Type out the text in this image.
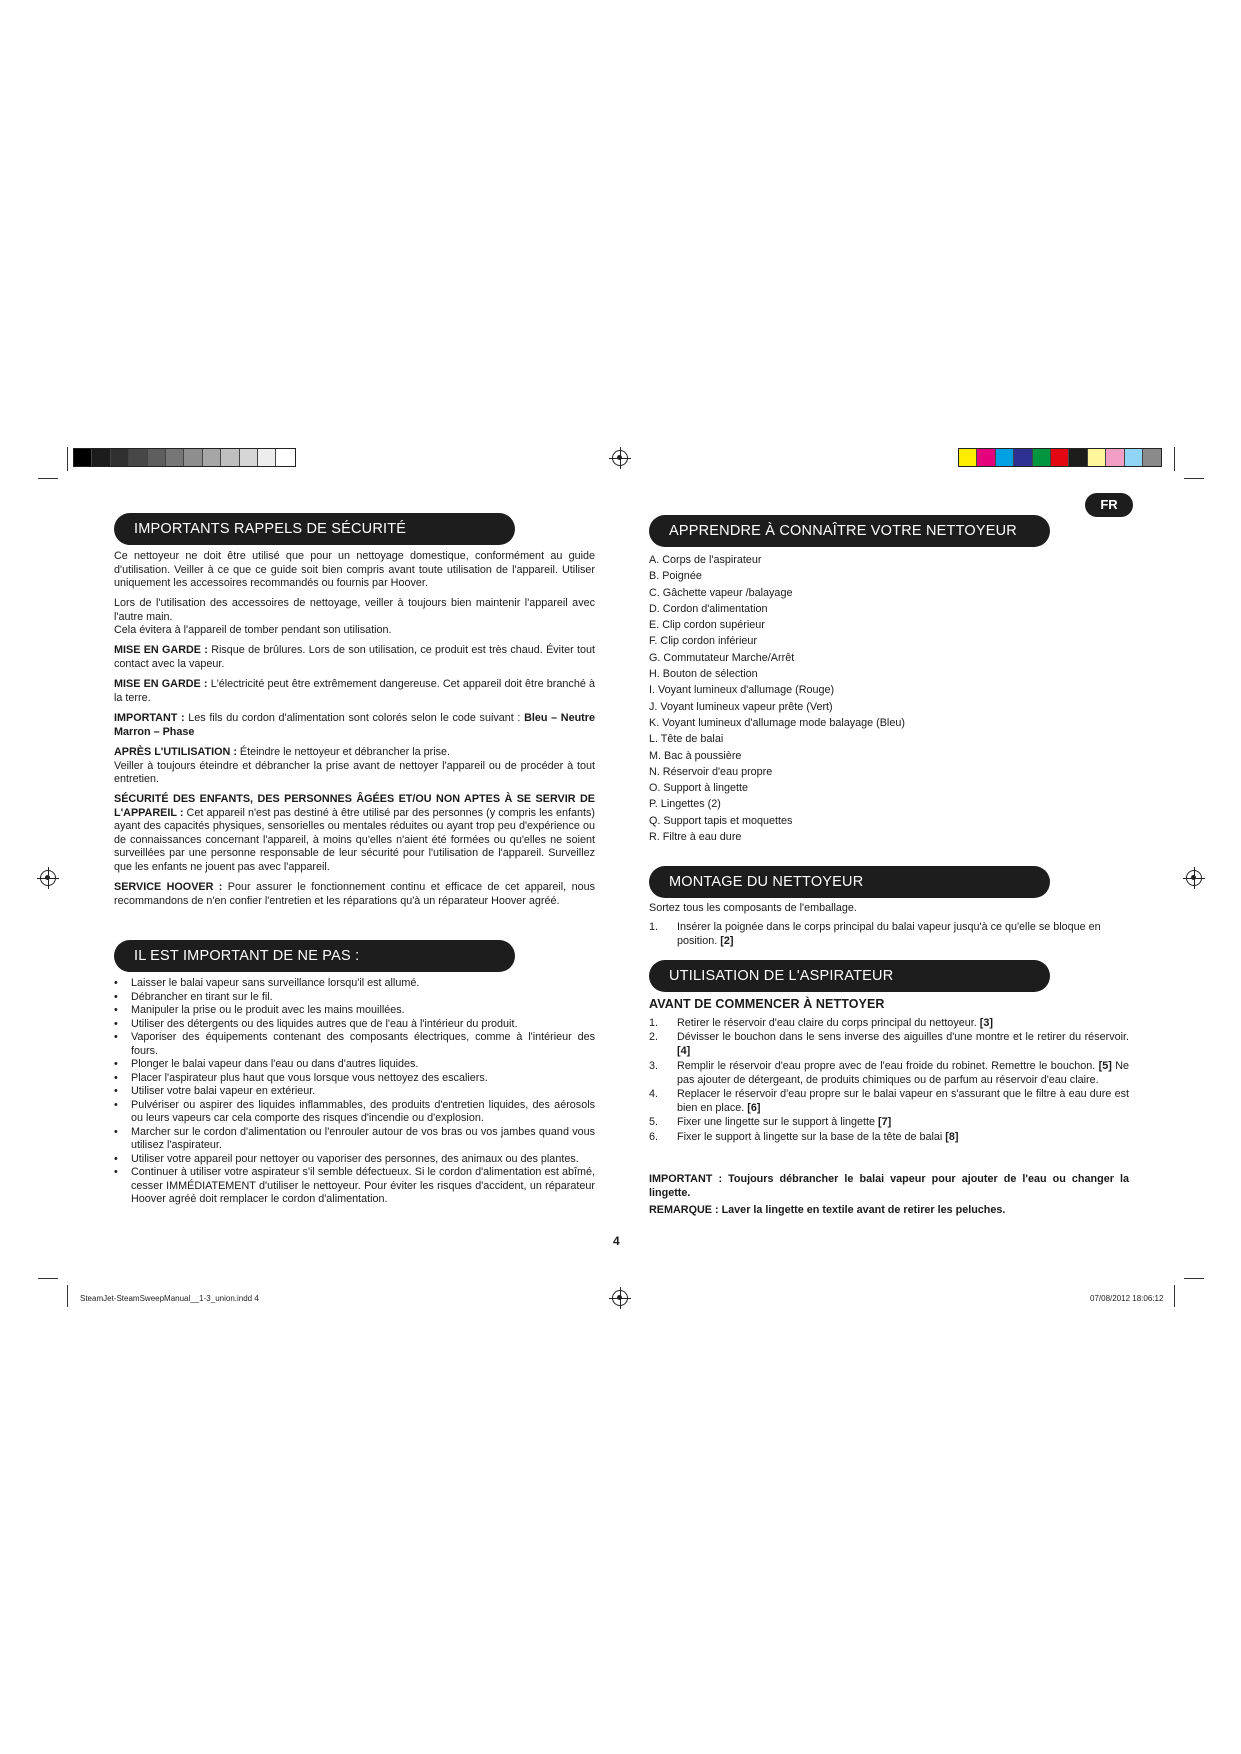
FR
IMPORTANTS RAPPELS DE SÉCURITÉ

Ce nettoyeur ne doit être utilisé que pour un nettoyage domestique, conformément au guide d'utilisation. Veiller à ce que ce guide soit bien compris avant toute utilisation de l'appareil. Utiliser uniquement les accessoires recommandés ou fournis par Hoover.

Lors de l'utilisation des accessoires de nettoyage, veiller à toujours bien maintenir l'appareil avec l'autre main.
Cela évitera à l'appareil de tomber pendant son utilisation.

MISE EN GARDE : Risque de brûlures. Lors de son utilisation, ce produit est très chaud. Éviter tout contact avec la vapeur.

MISE EN GARDE : L'électricité peut être extrêmement dangereuse. Cet appareil doit être branché à la terre.

IMPORTANT : Les fils du cordon d'alimentation sont colorés selon le code suivant : Bleu – Neutre Marron – Phase

APRÈS L'UTILISATION : Éteindre le nettoyeur et débrancher la prise.
Veiller à toujours éteindre et débrancher la prise avant de nettoyer l'appareil ou de procéder à tout entretien.

SÉCURITÉ DES ENFANTS, DES PERSONNES ÂGÉES ET/OU NON APTES À SE SERVIR DE L'APPAREIL : Cet appareil n'est pas destiné à être utilisé par des personnes (y compris les enfants) ayant des capacités physiques, sensorielles ou mentales réduites ou ayant trop peu d'expérience ou de connaissances concernant l'appareil, à moins qu'elles n'aient été formées ou qu'elles ne soient surveillées par une personne responsable de leur sécurité pour l'utilisation de l'appareil. Surveillez que les enfants ne jouent pas avec l'appareil.

SERVICE HOOVER : Pour assurer le fonctionnement continu et efficace de cet appareil, nous recommandons de n'en confier l'entretien et les réparations qu'à un réparateur Hoover agréé.

IL EST IMPORTANT DE NE PAS :
• Laisser le balai vapeur sans surveillance lorsqu'il est allumé.
• Débrancher en tirant sur le fil.
• Manipuler la prise ou le produit avec les mains mouillées.
• Utiliser des détergents ou des liquides autres que de l'eau à l'intérieur du produit.
• Vaporiser des équipements contenant des composants électriques, comme à l'intérieur des fours.
• Plonger le balai vapeur dans l'eau ou dans d'autres liquides.
• Placer l'aspirateur plus haut que vous lorsque vous nettoyez des escaliers.
• Utiliser votre balai vapeur en extérieur.
• Pulvériser ou aspirer des liquides inflammables, des produits d'entretien liquides, des aérosols ou leurs vapeurs car cela comporte des risques d'incendie ou d'explosion.
• Marcher sur le cordon d'alimentation ou l'enrouler autour de vos bras ou vos jambes quand vous utilisez l'aspirateur.
• Utiliser votre appareil pour nettoyer ou vaporiser des personnes, des animaux ou des plantes.
• Continuer à utiliser votre aspirateur s'il semble défectueux. Si le cordon d'alimentation est abîmé, cesser IMMÉDIATEMENT d'utiliser le nettoyeur. Pour éviter les risques d'accident, un réparateur Hoover agréé doit remplacer le cordon d'alimentation.
APPRENDRE À CONNAÎTRE VOTRE NETTOYEUR
A. Corps de l'aspirateur
B. Poignée
C. Gâchette vapeur /balayage
D. Cordon d'alimentation
E. Clip cordon supérieur
F. Clip cordon inférieur
G. Commutateur Marche/Arrêt
H. Bouton de sélection
I. Voyant lumineux d'allumage (Rouge)
J. Voyant lumineux vapeur prête (Vert)
K. Voyant lumineux d'allumage mode balayage (Bleu)
L. Tête de balai
M. Bac à poussière
N. Réservoir d'eau propre
O. Support à lingette
P. Lingettes (2)
Q. Support tapis et moquettes
R. Filtre à eau dure
MONTAGE DU NETTOYEUR

Sortez tous les composants de l'emballage.

1. Insérer la poignée dans le corps principal du balai vapeur jusqu'à ce qu'elle se bloque en position. [2]
UTILISATION DE L'ASPIRATEUR
AVANT DE COMMENCER À NETTOYER
1. Retirer le réservoir d'eau claire du corps principal du nettoyeur. [3]
2. Dévisser le bouchon dans le sens inverse des aiguilles d'une montre et le retirer du réservoir. [4]
3. Remplir le réservoir d'eau propre avec de l'eau froide du robinet. Remettre le bouchon. [5] Ne pas ajouter de détergeant, de produits chimiques ou de parfum au réservoir d'eau claire.
4. Replacer le réservoir d'eau propre sur le balai vapeur en s'assurant que le filtre à eau dure est bien en place. [6]
5. Fixer une lingette sur le support à lingette [7]
6. Fixer le support à lingette sur la base de la tête de balai [8]
IMPORTANT : Toujours débrancher le balai vapeur pour ajouter de l'eau ou changer la lingette.
REMARQUE : Laver la lingette en textile avant de retirer les peluches.
4
SteamJet-SteamSweepManual__1-3_union.indd 4	07/08/2012 18:06:12
